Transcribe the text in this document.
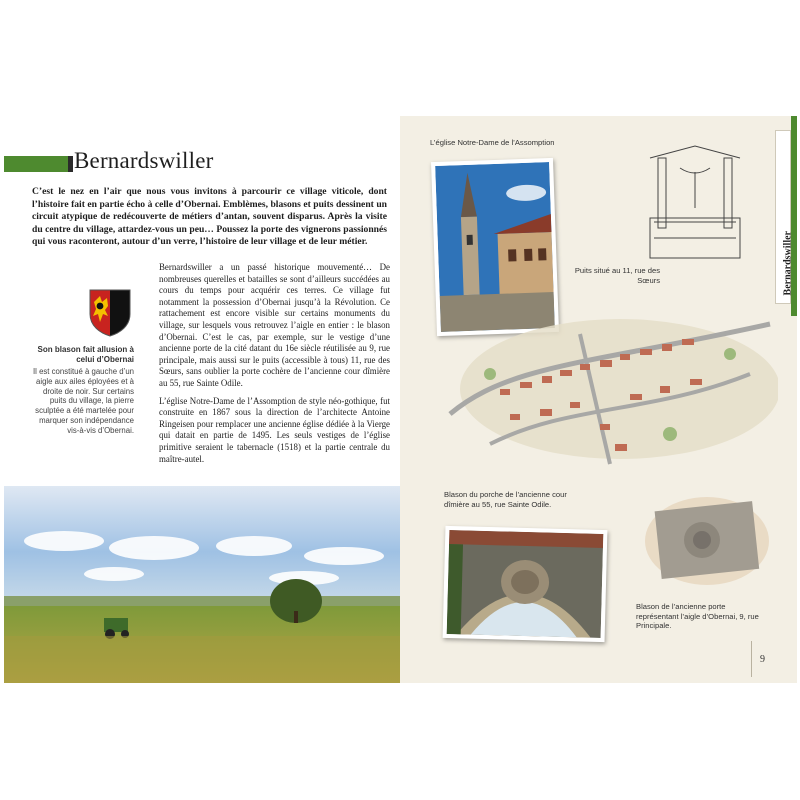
Bernardswiller

C’est le nez en l’air que nous vous invitons à parcourir ce village viticole, dont l’histoire fait en partie écho à celle d’Obernai. Emblèmes, blasons et puits dessinent un circuit atypique de redécouverte de métiers d’antan, souvent disparus. Après la visite du centre du village, attardez-vous un peu… Poussez la porte des vignerons passionnés qui vous raconteront, autour d’un verre, l’histoire de leur village et de leur métier.

Son blason fait allusion à celui d’Obernai

Il est constitué à gauche d’un aigle aux ailes éployées et à droite de noir. Sur certains puits du village, la pierre sculptée a été martelée pour marquer son indépendance vis-à-vis d’Obernai.

Bernardswiller a un passé historique mouvementé… De nombreuses querelles et batailles se sont d’ailleurs succédées au cours du temps pour acquérir ces terres. Ce village fut notamment la possession d’Obernai jusqu’à la Révolution. Ce rattachement est encore visible sur certains monuments du village, sur lesquels vous retrouvez l’aigle en entier : le blason d’Obernai. C’est le cas, par exemple, sur le vestige d’une ancienne porte de la cité datant du 16e siècle réutilisée au 9, rue principale, mais aussi sur le puits (accessible à tous) 11, rue des Sœurs, sans oublier la porte cochère de l’ancienne cour dîmière au 55, rue Sainte Odile.

L’église Notre-Dame de l’Assomption de style néo-gothique, fut construite en 1867 sous la direction de l’architecte Antoine Ringeisen pour remplacer une ancienne église dédiée à la Vierge qui datait en partie de 1495. Les seuls vestiges de l’église primitive seraient le tabernacle (1518) et la partie centrale du maître-autel.

L’église Notre-Dame de l’Assomption

Puits situé au 11, rue des Sœurs

Blason du porche de l’ancienne cour dîmière au 55, rue Sainte Odile.

Blason de l’ancienne porte représentant l’aigle d’Obernai, 9, rue Principale.

Bernardswiller
9
